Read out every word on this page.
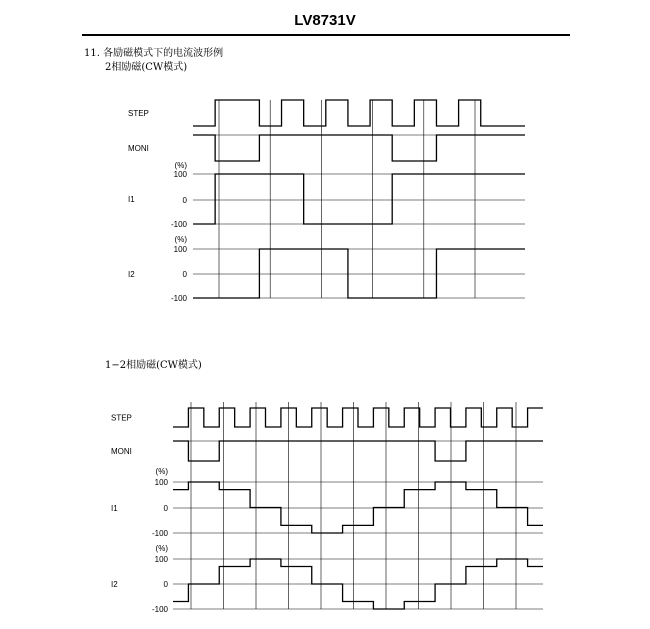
LV8731V
11. 各励磁模式下的电流波形例
2相励磁(CW模式)
1−2相励磁(CW模式)
STEP
MONI
(%)
100
0
-100
I1
(%)
100
0
-100
I2
STEP
MONI
(%)
100
0
-100
I1
(%)
100
0
-100
I2
